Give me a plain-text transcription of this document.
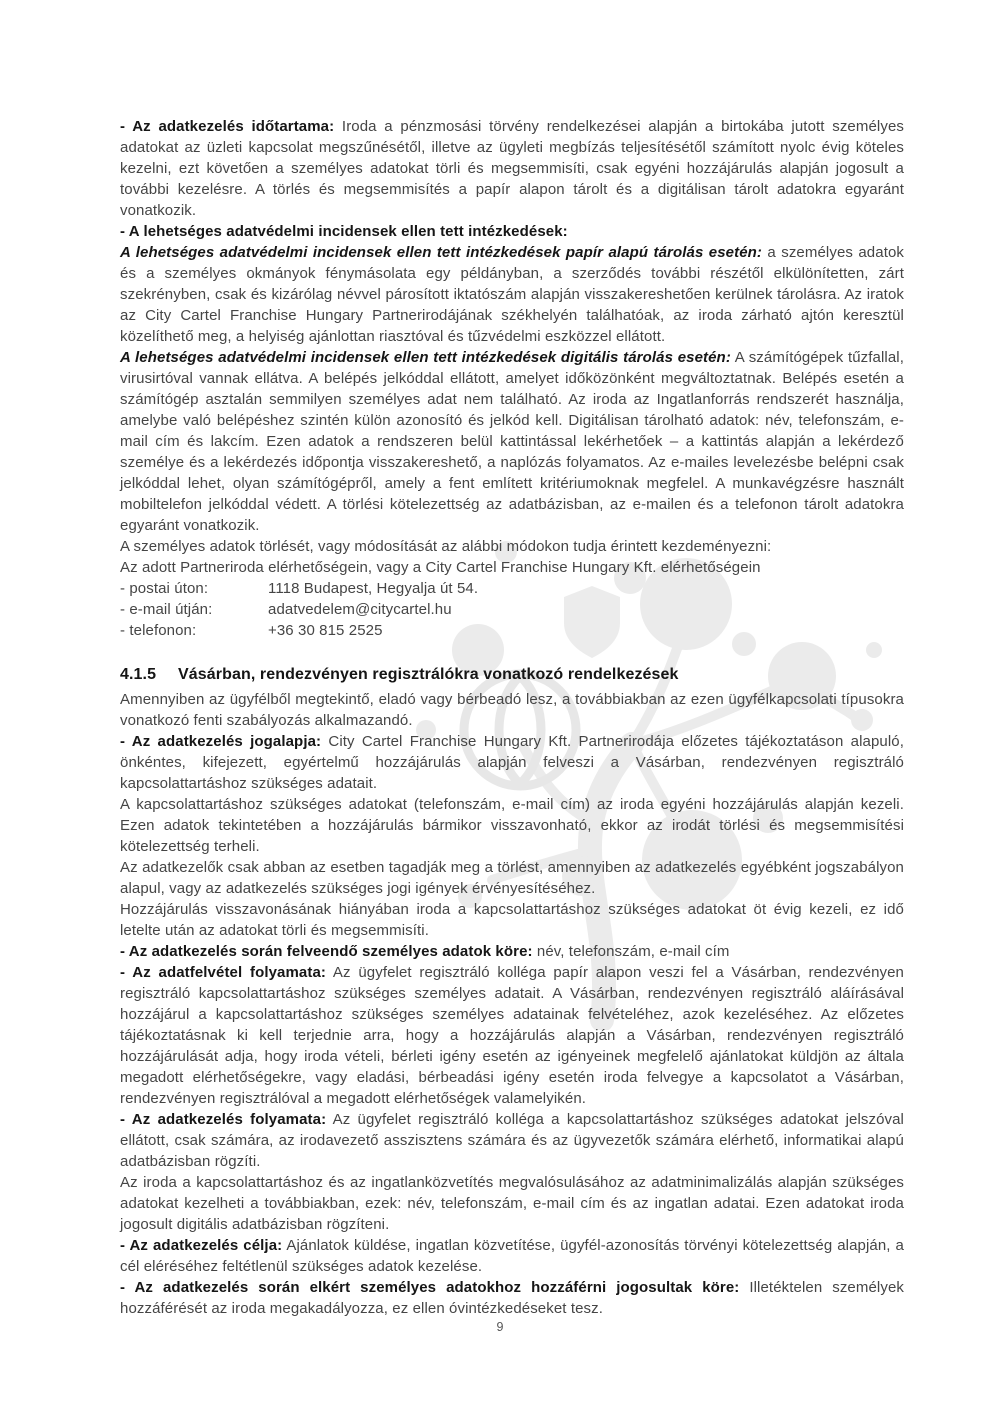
- Az adatkezelés időtartama: Iroda a pénzmosási törvény rendelkezései alapján a birtokába jutott személyes adatokat az üzleti kapcsolat megszűnésétől, illetve az ügyleti megbízás teljesítésétől számított nyolc évig köteles kezelni, ezt követően a személyes adatokat törli és megsemmisíti, csak egyéni hozzájárulás alapján jogosult a további kezelésre. A törlés és megsemmisítés a papír alapon tárolt és a digitálisan tárolt adatokra egyaránt vonatkozik.

- A lehetséges adatvédelmi incidensek ellen tett intézkedések:

A lehetséges adatvédelmi incidensek ellen tett intézkedések papír alapú tárolás esetén: a személyes adatok és a személyes okmányok fénymásolata egy példányban, a szerződés további részétől elkülönítetten, zárt szekrényben, csak és kizárólag névvel párosított iktatószám alapján visszakereshetően kerülnek tárolásra. Az iratok az City Cartel Franchise Hungary Partnerirodájának székhelyén találhatóak, az iroda zárható ajtón keresztül közelíthető meg, a helyiség ajánlottan riasztóval és tűzvédelmi eszközzel ellátott.

A lehetséges adatvédelmi incidensek ellen tett intézkedések digitális tárolás esetén: A számítógépek tűzfallal, virusirtóval vannak ellátva. A belépés jelkóddal ellátott, amelyet időközönként megváltoztatnak. Belépés esetén a számítógép asztalán semmilyen személyes adat nem található. Az iroda az Ingatlanforrás rendszerét használja, amelybe való belépéshez szintén külön azonosító és jelkód kell. Digitálisan tárolható adatok: név, telefonszám, e-mail cím és lakcím. Ezen adatok a rendszeren belül kattintással lekérhetőek – a kattintás alapján a lekérdező személye és a lekérdezés időpontja visszakereshető, a naplózás folyamatos. Az e-mailes levelezésbe belépni csak jelkóddal lehet, olyan számítógépről, amely a fent említett kritériumoknak megfelel. A munkavégzésre használt mobiltelefon jelkóddal védett. A törlési kötelezettség az adatbázisban, az e-mailen és a telefonon tárolt adatokra egyaránt vonatkozik.

A személyes adatok törlését, vagy módosítását az alábbi módokon tudja érintett kezdeményezni:

Az adott Partneriroda elérhetőségein, vagy a City Cartel Franchise Hungary Kft. elérhetőségein

- postai úton:	1118 Budapest, Hegyalja út 54.
- e-mail útján:	adatvedelem@citycartel.hu
- telefonon:	+36 30 815 2525
4.1.5	Vásárban, rendezvényen regisztrálókra vonatkozó rendelkezések

Amennyiben az ügyfélből megtekintő, eladó vagy bérbeadó lesz, a továbbiakban az ezen ügyfélkapcsolati típusokra vonatkozó fenti szabályozás alkalmazandó.

- Az adatkezelés jogalapja: City Cartel Franchise Hungary Kft. Partnerirodája előzetes tájékoztatáson alapuló, önkéntes, kifejezett, egyértelmű hozzájárulás alapján felveszi a Vásárban, rendezvényen regisztráló kapcsolattartáshoz szükséges adatait.

A kapcsolattartáshoz szükséges adatokat (telefonszám, e-mail cím) az iroda egyéni hozzájárulás alapján kezeli. Ezen adatok tekintetében a hozzájárulás bármikor visszavonható, ekkor az irodát törlési és megsemmisítési kötelezettség terheli.

Az adatkezelők csak abban az esetben tagadják meg a törlést, amennyiben az adatkezelés egyébként jogszabályon alapul, vagy az adatkezelés szükséges jogi igények érvényesítéséhez.

Hozzájárulás visszavonásának hiányában iroda a kapcsolattartáshoz szükséges adatokat öt évig kezeli, ez idő letelte után az adatokat törli és megsemmisíti.

- Az adatkezelés során felveendő személyes adatok köre: név, telefonszám, e-mail cím

- Az adatfelvétel folyamata: Az ügyfelet regisztráló kolléga papír alapon veszi fel a Vásárban, rendezvényen regisztráló kapcsolattartáshoz szükséges személyes adatait. A Vásárban, rendezvényen regisztráló aláírásával hozzájárul a kapcsolattartáshoz szükséges személyes adatainak felvételéhez, azok kezeléséhez. Az előzetes tájékoztatásnak ki kell terjednie arra, hogy a hozzájárulás alapján a Vásárban, rendezvényen regisztráló hozzájárulását adja, hogy iroda vételi, bérleti igény esetén az igényeinek megfelelő ajánlatokat küldjön az általa megadott elérhetőségekre, vagy eladási, bérbeadási igény esetén iroda felvegye a kapcsolatot a Vásárban, rendezvényen regisztrálóval a megadott elérhetőségek valamelyikén.

- Az adatkezelés folyamata: Az ügyfelet regisztráló kolléga a kapcsolattartáshoz szükséges adatokat jelszóval ellátott, csak számára, az irodavezető asszisztens számára és az ügyvezetők számára elérhető, informatikai alapú adatbázisban rögzíti.

Az iroda a kapcsolattartáshoz és az ingatlanközvetítés megvalósulásához az adatminimalizálás alapján szükséges adatokat kezelheti a továbbiakban, ezek: név, telefonszám, e-mail cím és az ingatlan adatai. Ezen adatokat iroda jogosult digitális adatbázisban rögzíteni.

- Az adatkezelés célja: Ajánlatok küldése, ingatlan közvetítése, ügyfél-azonosítás törvényi kötelezettség alapján, a cél eléréséhez feltétlenül szükséges adatok kezelése.

- Az adatkezelés során elkért személyes adatokhoz hozzáférni jogosultak köre: Illetéktelen személyek hozzáférését az iroda megakadályozza, ez ellen óvintézkedéseket tesz.

9
